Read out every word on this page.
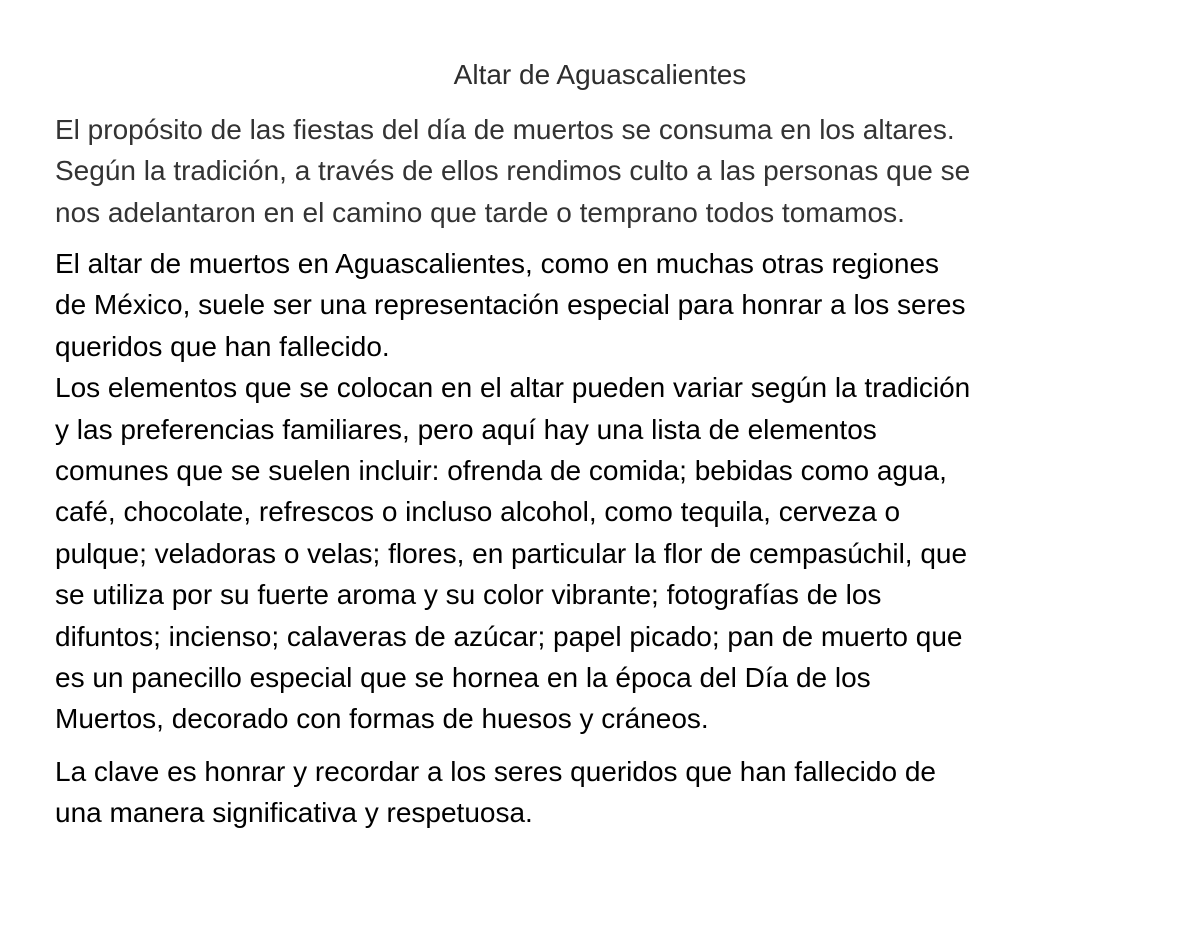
Altar de Aguascalientes

El propósito de las fiestas del día de muertos se consuma en los altares.
Según la tradición, a través de ellos rendimos culto a las personas que se
nos adelantaron en el camino que tarde o temprano todos tomamos.

El altar de muertos en Aguascalientes, como en muchas otras regiones
de México, suele ser una representación especial para honrar a los seres
queridos que han fallecido.
Los elementos que se colocan en el altar pueden variar según la tradición
y las preferencias familiares, pero aquí hay una lista de elementos
comunes que se suelen incluir: ofrenda de comida; bebidas como agua,
café, chocolate, refrescos o incluso alcohol, como tequila, cerveza o
pulque; veladoras o velas; flores, en particular la flor de cempasúchil, que
se utiliza por su fuerte aroma y su color vibrante; fotografías de los
difuntos; incienso; calaveras de azúcar; papel picado; pan de muerto que
es un panecillo especial que se hornea en la época del Día de los
Muertos, decorado con formas de huesos y cráneos.

La clave es honrar y recordar a los seres queridos que han fallecido de
una manera significativa y respetuosa.
